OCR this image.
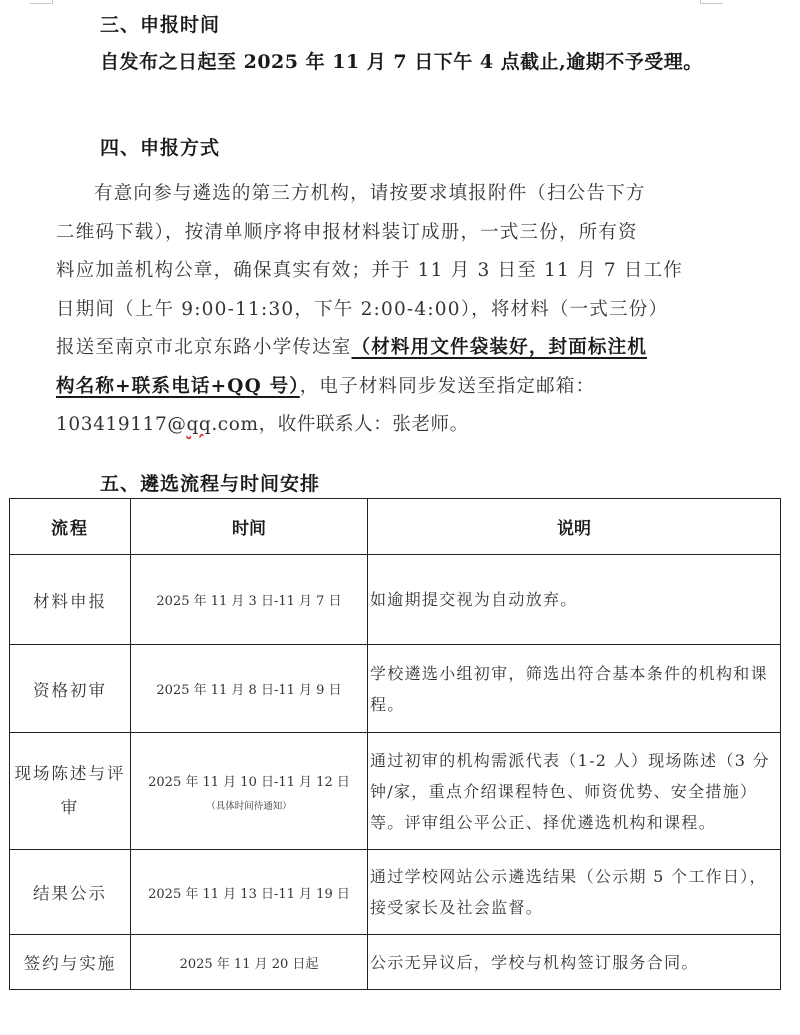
三、申报时间
自发布之日起至 2025 年 11 月 7 日下午 4 点截止,逾期不予受理。
四、申报方式
有意向参与遴选的第三方机构，请按要求填报附件（扫公告下方
二维码下载），按清单顺序将申报材料装订成册，一式三份，所有资
料应加盖机构公章，确保真实有效；并于 11 月 3 日至 11 月 7 日工作
日期间（上午 9:00-11:30，下午 2:00-4:00），将材料（一式三份）
报送至南京市北京东路小学传达室（材料用文件袋装好，封面标注机
构名称+联系电话+QQ 号），电子材料同步发送至指定邮箱：
103419117@qq.com，收件联系人：张老师。
五、遴选流程与时间安排
流程	时间	说明
材料申报	2025 年 11 月 3 日-11 月 7 日	如逾期提交视为自动放弃。
资格初审	2025 年 11 月 8 日-11 月 9 日	学校遴选小组初审，筛选出符合基本条件的机构和课程。
现场陈述与评审	2025 年 11 月 10 日-11 月 12 日
（具体时间待通知）	通过初审的机构需派代表（1-2 人）现场陈述（3 分钟/家，重点介绍课程特色、师资优势、安全措施）等。评审组公平公正、择优遴选机构和课程。
结果公示	2025 年 11 月 13 日-11 月 19 日	通过学校网站公示遴选结果（公示期 5 个工作日），接受家长及社会监督。
签约与实施	2025 年 11 月 20 日起	公示无异议后，学校与机构签订服务合同。
